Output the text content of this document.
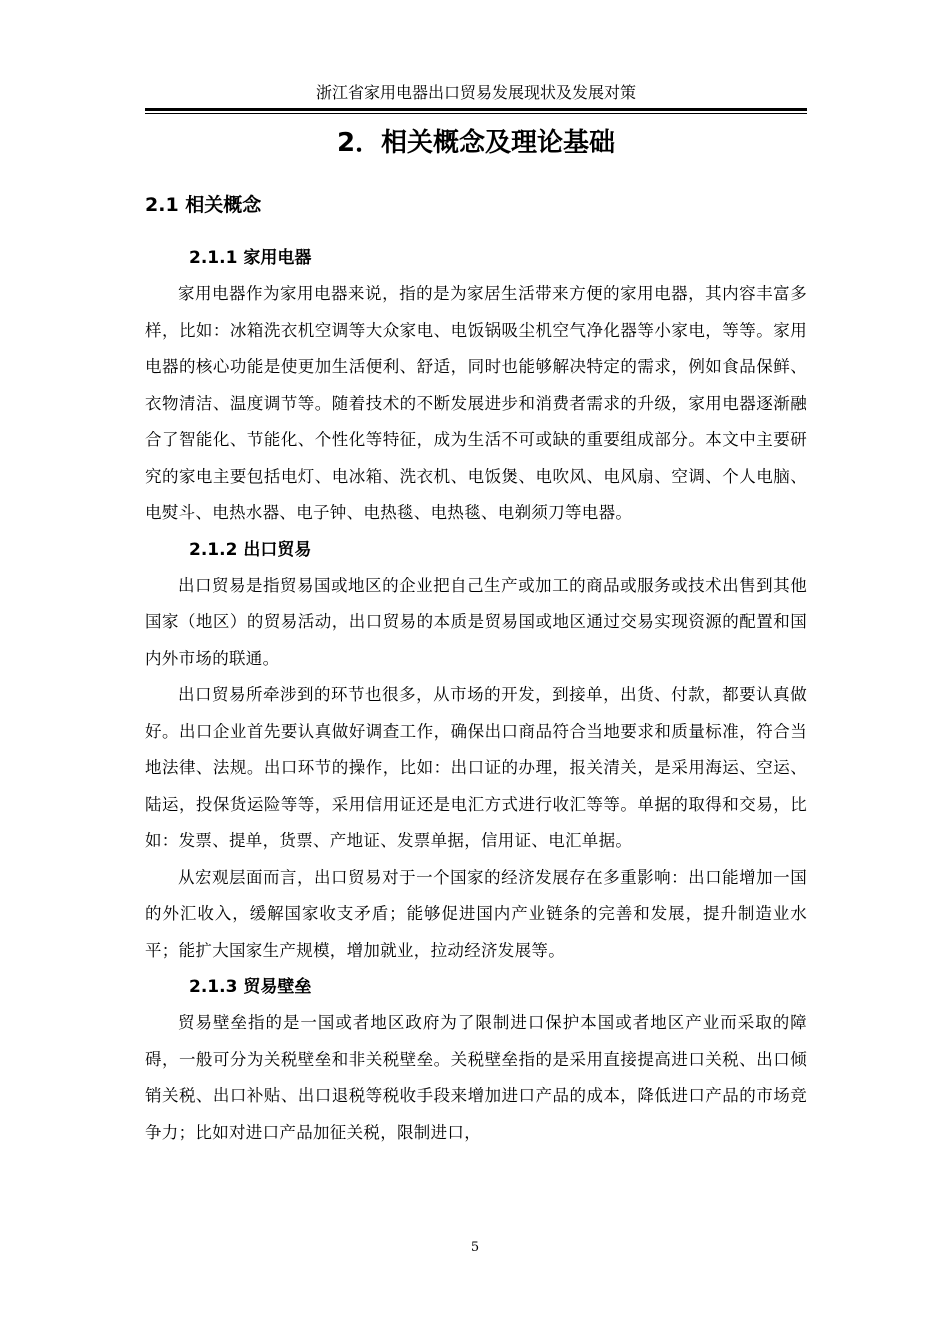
浙江省家用电器出口贸易发展现状及发展对策
2．相关概念及理论基础
2.1 相关概念
2.1.1 家用电器

家用电器作为家用电器来说，指的是为家居生活带来方便的家用电器，其内容丰富多样，比如：冰箱洗衣机空调等大众家电、电饭锅吸尘机空气净化器等小家电，等等。家用电器的核心功能是使更加生活便利、舒适，同时也能够解决特定的需求，例如食品保鲜、衣物清洁、温度调节等。随着技术的不断发展进步和消费者需求的升级，家用电器逐渐融合了智能化、节能化、个性化等特征，成为生活不可或缺的重要组成部分。本文中主要研究的家电主要包括电灯、电冰箱、洗衣机、电饭煲、电吹风、电风扇、空调、个人电脑、电熨斗、电热水器、电子钟、电热毯、电热毯、电剃须刀等电器。

2.1.2 出口贸易

出口贸易是指贸易国或地区的企业把自己生产或加工的商品或服务或技术出售到其他国家（地区）的贸易活动，出口贸易的本质是贸易国或地区通过交易实现资源的配置和国内外市场的联通。

出口贸易所牵涉到的环节也很多，从市场的开发，到接单，出货、付款，都要认真做好。出口企业首先要认真做好调查工作，确保出口商品符合当地要求和质量标准，符合当地法律、法规。出口环节的操作，比如：出口证的办理，报关清关，是采用海运、空运、陆运，投保货运险等等，采用信用证还是电汇方式进行收汇等等。单据的取得和交易，比如：发票、提单，货票、产地证、发票单据，信用证、电汇单据。

从宏观层面而言，出口贸易对于一个国家的经济发展存在多重影响：出口能增加一国的外汇收入，缓解国家收支矛盾；能够促进国内产业链条的完善和发展，提升制造业水平；能扩大国家生产规模，增加就业，拉动经济发展等。

2.1.3 贸易壁垒

贸易壁垒指的是一国或者地区政府为了限制进口保护本国或者地区产业而采取的障碍，一般可分为关税壁垒和非关税壁垒。关税壁垒指的是采用直接提高进口关税、出口倾销关税、出口补贴、出口退税等税收手段来增加进口产品的成本，降低进口产品的市场竞争力；比如对进口产品加征关税，限制进口，

5
